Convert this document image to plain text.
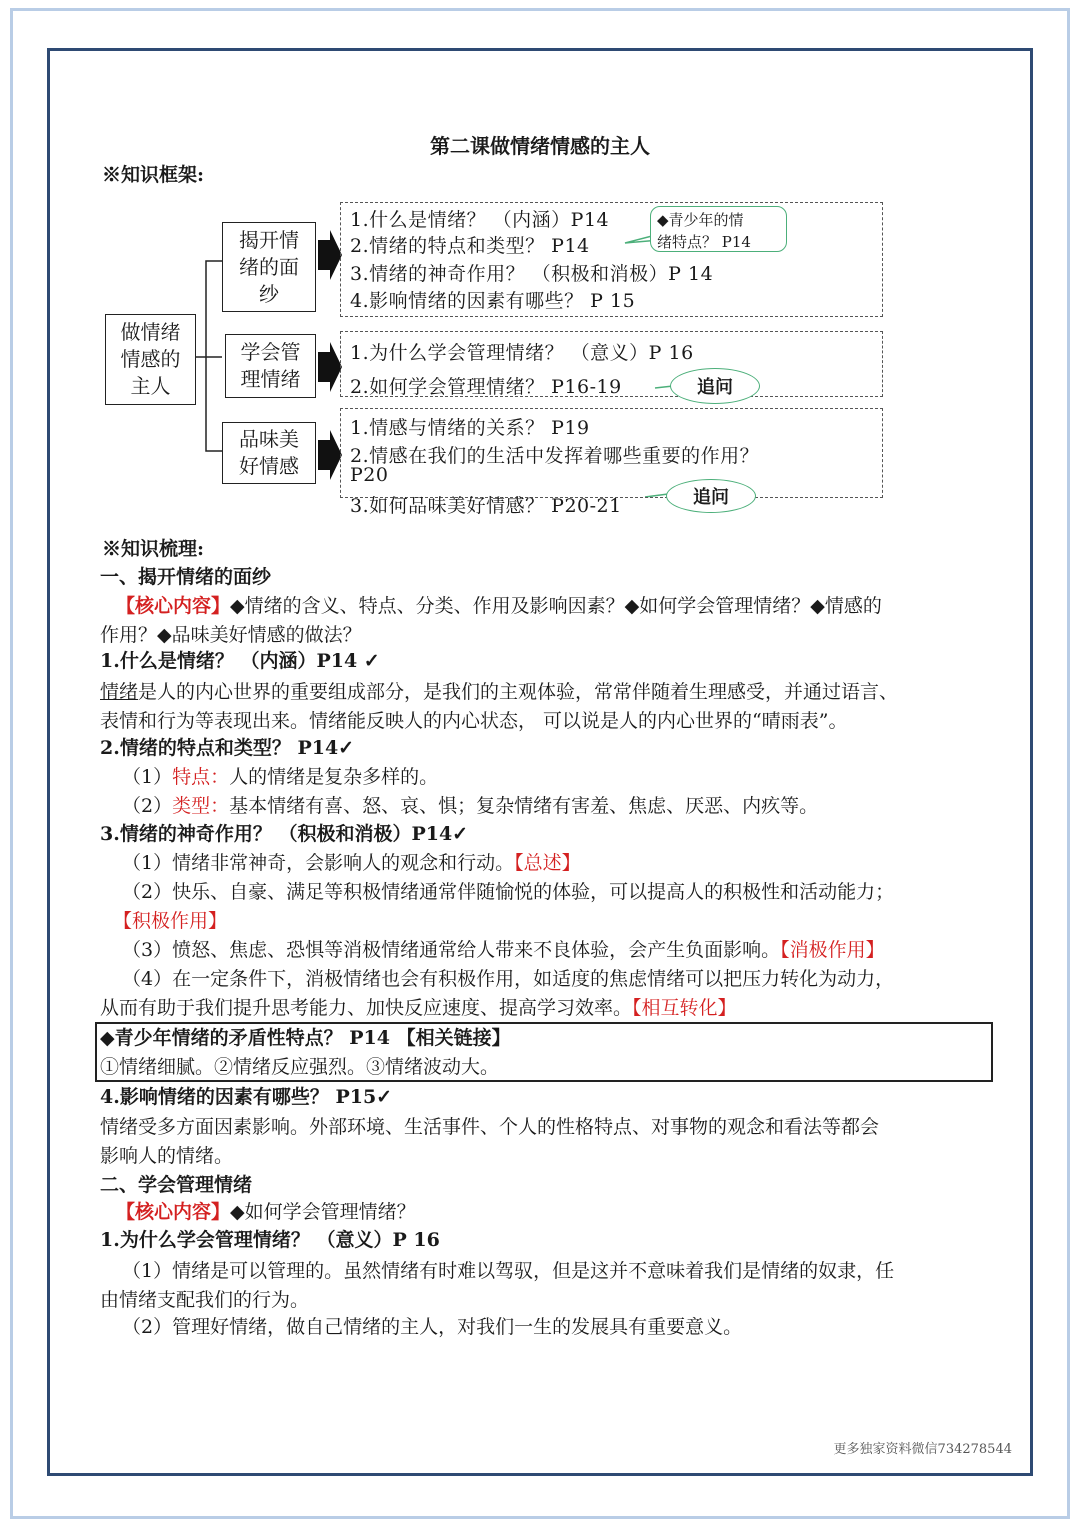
第二课做情绪情感的主人
※知识框架:
做情绪情感的主人
揭开情绪的面纱
学会管理情绪
品味美好情感
1.什么是情绪？ （内涵）P14
2.情绪的特点和类型？ P14
3.情绪的神奇作用？ （积极和消极）P 14
4.影响情绪的因素有哪些？ P 15
◆青少年的情
绪特点？ P14
1.为什么学会管理情绪？ （意义）P 16
2.如何学会管理情绪？ P16-19	追问
1.情感与情绪的关系？ P19
2.情感在我们的生活中发挥着哪些重要的作用？
P20
3.如何品味美好情感？ P20-21	追问
※知识梳理:
一、揭开情绪的面纱
【核心内容】◆情绪的含义、特点、分类、作用及影响因素？◆如何学会管理情绪？◆情感的
作用？◆品味美好情感的做法？
1.什么是情绪？ （内涵）P14 ✓
情绪是人的内心世界的重要组成部分，是我们的主观体验，常常伴随着生理感受，并通过语言、
表情和行为等表现出来。情绪能反映人的内心状态， 可以说是人的内心世界的“晴雨表”。
2.情绪的特点和类型？ P14✓
（1）特点：人的情绪是复杂多样的。
（2）类型：基本情绪有喜、怒、哀、惧；复杂情绪有害羞、焦虑、厌恶、内疚等。
3.情绪的神奇作用？ （积极和消极）P14✓
（1）情绪非常神奇，会影响人的观念和行动。【总述】
（2）快乐、自豪、满足等积极情绪通常伴随愉悦的体验，可以提高人的积极性和活动能力；
【积极作用】
（3）愤怒、焦虑、恐惧等消极情绪通常给人带来不良体验，会产生负面影响。【消极作用】
（4）在一定条件下，消极情绪也会有积极作用，如适度的焦虑情绪可以把压力转化为动力，
从而有助于我们提升思考能力、加快反应速度、提高学习效率。【相互转化】
◆青少年情绪的矛盾性特点？ P14 【相关链接】
①情绪细腻。②情绪反应强烈。③情绪波动大。
4.影响情绪的因素有哪些？ P15✓
情绪受多方面因素影响。外部环境、生活事件、个人的性格特点、对事物的观念和看法等都会
影响人的情绪。
二、学会管理情绪
【核心内容】◆如何学会管理情绪？
1.为什么学会管理情绪？ （意义）P 16
（1）情绪是可以管理的。虽然情绪有时难以驾驭，但是这并不意味着我们是情绪的奴隶，任
由情绪支配我们的行为。
（2）管理好情绪，做自己情绪的主人，对我们一生的发展具有重要意义。
更多独家资料微信734278544
